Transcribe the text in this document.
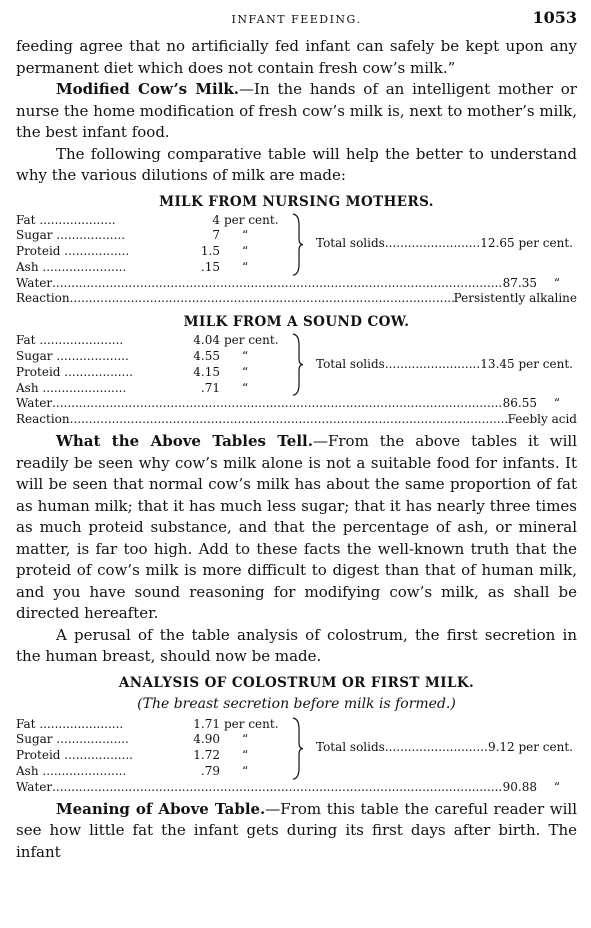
INFANT FEEDING.	1053

feeding agree that no artificially fed infant can safely be kept upon any permanent diet which does not contain fresh cow’s milk.”

Modified Cow’s Milk.—In the hands of an intelligent mother or nurse the home modification of fresh cow’s milk is, next to mother’s milk, the best infant food.

The following comparative table will help the better to understand why the various dilutions of milk are made:

MILK FROM NURSING MOTHERS.
Fat ....................	4 per cent.
Sugar ..................	7	“
Proteid .................	1.5	“
Ash ......................	.15	“
Total solids .....	12.65 per cent.
Water .....	87.35	“
Reaction .....	Persistently alkaline
MILK FROM A SOUND COW.
Fat ......................	4.04 per cent.
Sugar ...................	4.55	“
Proteid ..................	4.15	“
Ash ......................	.71	“
Total solids .....	13.45 per cent.
Water .....	86.55	“
Reaction .....	Feebly acid

What the Above Tables Tell.—From the above tables it will readily be seen why cow’s milk alone is not a suitable food for infants. It will be seen that normal cow’s milk has about the same proportion of fat as human milk; that it has much less sugar; that it has nearly three times as much proteid substance, and that the percentage of ash, or mineral matter, is far too high. Add to these facts the well-known truth that the proteid of cow’s milk is more difficult to digest than that of human milk, and you have sound reasoning for modifying cow’s milk, as shall be directed hereafter.

A perusal of the table analysis of colostrum, the first secretion in the human breast, should now be made.

ANALYSIS OF COLOSTRUM OR FIRST MILK.
(The breast secretion before milk is formed.)
Fat ......................	1.71 per cent.
Sugar ...................	4.90	“
Proteid ..................	1.72	“
Ash ......................	.79	“
Total solids .....	9.12 per cent.
Water .....	90.88	“

Meaning of Above Table.—From this table the careful reader will see how little fat the infant gets during its first days after birth. The infant
